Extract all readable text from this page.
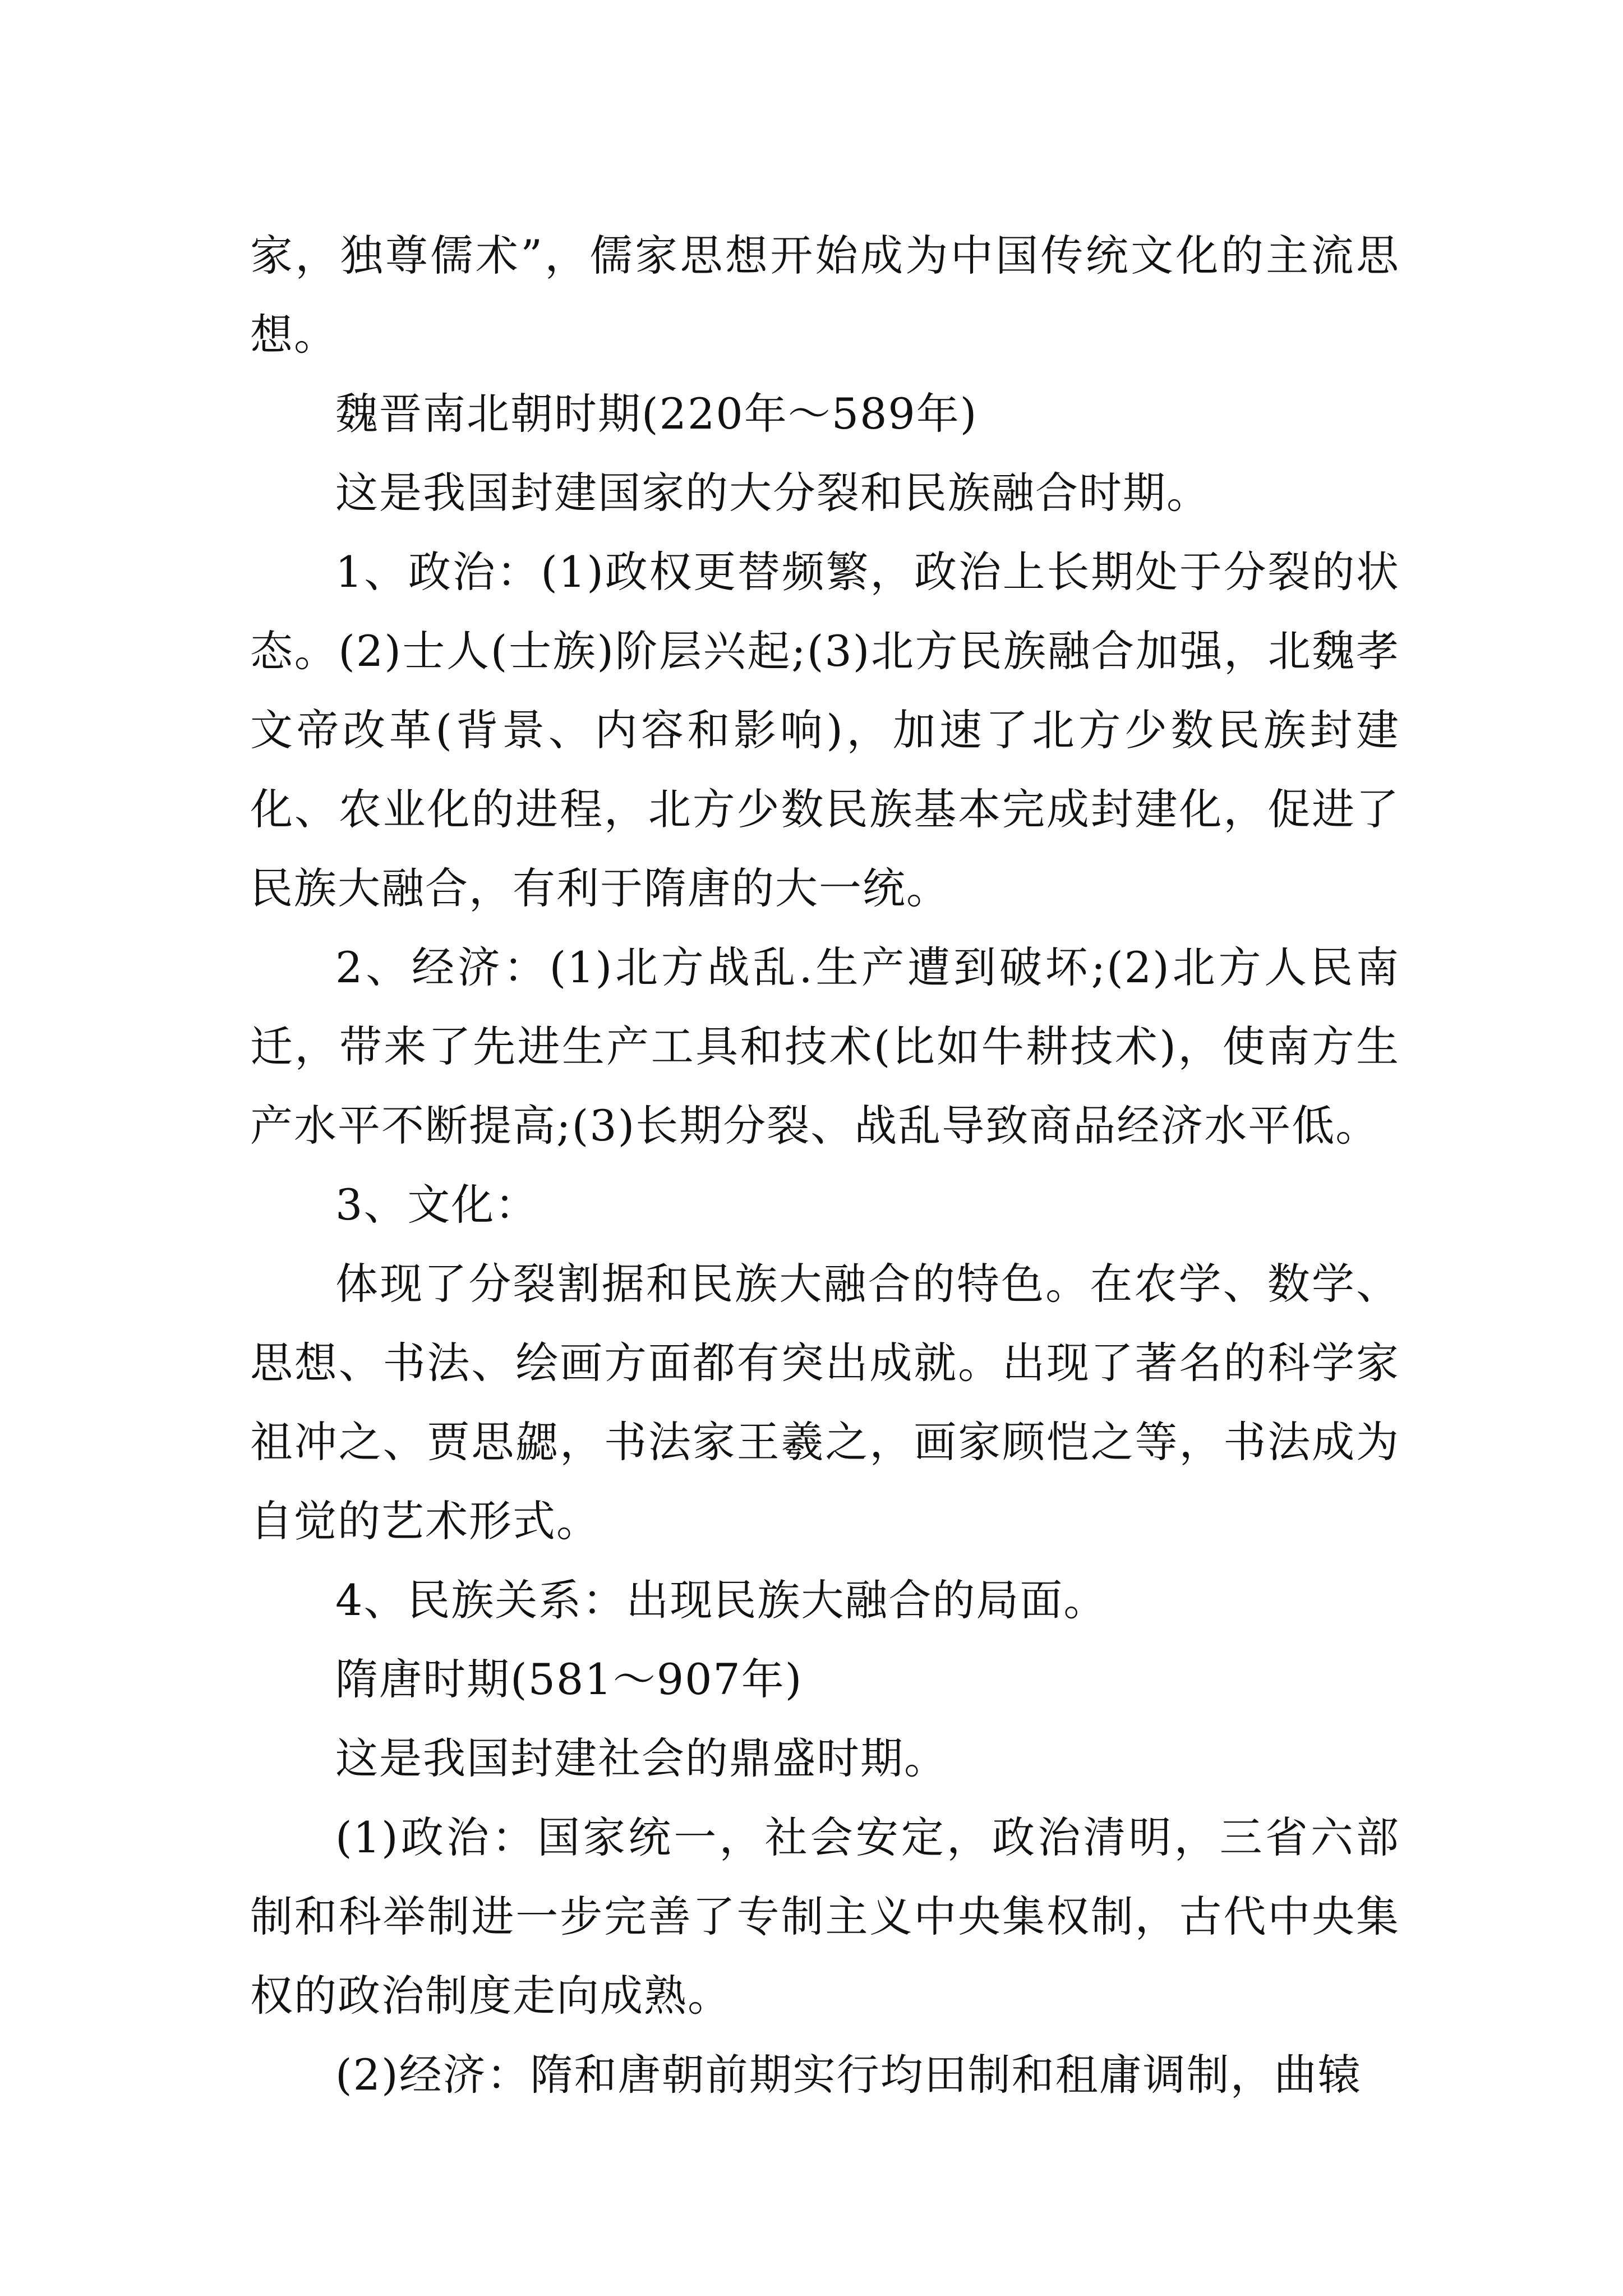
家，独尊儒术”，儒家思想开始成为中国传统文化的主流思想。

魏晋南北朝时期(220年～589年)

这是我国封建国家的大分裂和民族融合时期。

1、政治：(1)政权更替频繁，政治上长期处于分裂的状态。(2)士人(士族)阶层兴起;(3)北方民族融合加强，北魏孝文帝改革(背景、内容和影响)，加速了北方少数民族封建化、农业化的进程，北方少数民族基本完成封建化，促进了民族大融合，有利于隋唐的大一统。

2、经济：(1)北方战乱.生产遭到破坏;(2)北方人民南迁，带来了先进生产工具和技术(比如牛耕技术)，使南方生产水平不断提高;(3)长期分裂、战乱导致商品经济水平低。

3、文化：

体现了分裂割据和民族大融合的特色。在农学、数学、思想、书法、绘画方面都有突出成就。出现了著名的科学家祖冲之、贾思勰，书法家王羲之，画家顾恺之等，书法成为自觉的艺术形式。

4、民族关系：出现民族大融合的局面。

隋唐时期(581～907年)

这是我国封建社会的鼎盛时期。

(1)政治：国家统一，社会安定，政治清明，三省六部制和科举制进一步完善了专制主义中央集权制，古代中央集权的政治制度走向成熟。

(2)经济：隋和唐朝前期实行均田制和租庸调制，曲辕
